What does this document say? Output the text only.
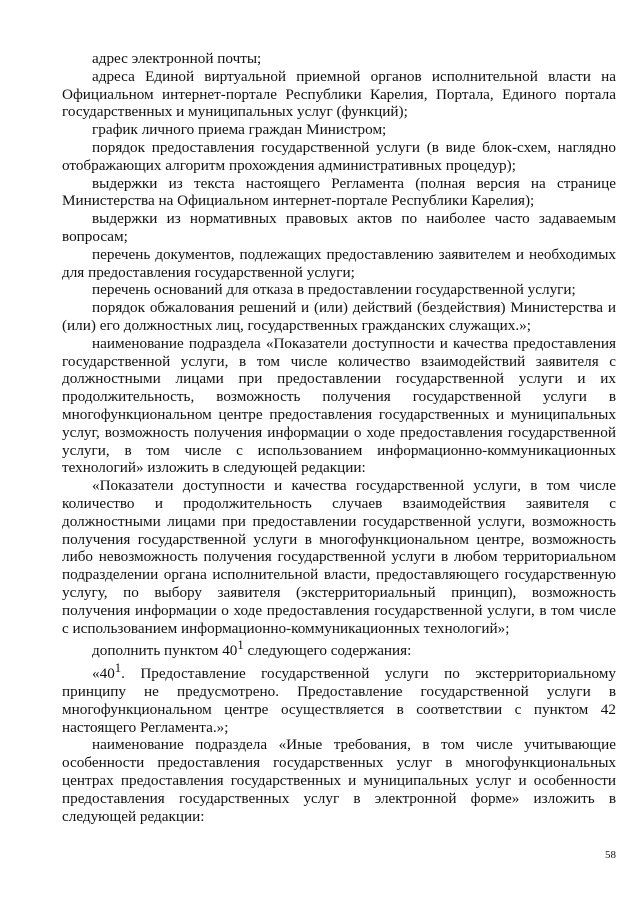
адрес электронной почты;

адреса Единой виртуальной приемной органов исполнительной власти на Официальном интернет-портале Республики Карелия, Портала, Единого портала государственных и муниципальных услуг (функций);

график личного приема граждан Министром;

порядок предоставления государственной услуги (в виде блок-схем, наглядно отображающих алгоритм прохождения административных процедур);

выдержки из текста настоящего Регламента (полная версия на странице Министерства на Официальном интернет-портале Республики Карелия);

выдержки из нормативных правовых актов по наиболее часто задаваемым вопросам;

перечень документов, подлежащих предоставлению заявителем и необходимых для предоставления государственной услуги;

перечень оснований для отказа в предоставлении государственной услуги;

порядок обжалования решений и (или) действий (бездействия) Министерства и (или) его должностных лиц, государственных гражданских служащих.»;

наименование подраздела «Показатели доступности и качества предоставления государственной услуги, в том числе количество взаимодействий заявителя с должностными лицами при предоставлении государственной услуги и их продолжительность, возможность получения государственной услуги в многофункциональном центре предоставления государственных и муниципальных услуг, возможность получения информации о ходе предоставления государственной услуги, в том числе с использованием информационно-коммуникационных технологий» изложить в следующей редакции:

«Показатели доступности и качества государственной услуги, в том числе количество и продолжительность случаев взаимодействия заявителя с должностными лицами при предоставлении государственной услуги, возможность получения государственной услуги в многофункциональном центре, возможность либо невозможность получения государственной услуги в любом территориальном подразделении органа исполнительной власти, предоставляющего государственную услугу, по выбору заявителя (экстерриториальный принцип), возможность получения информации о ходе предоставления государственной услуги, в том числе с использованием информационно-коммуникационных технологий»;

дополнить пунктом $40^1$ следующего содержания:

«$40^1$. Предоставление государственной услуги по экстерриториальному принципу не предусмотрено. Предоставление государственной услуги в многофункциональном центре осуществляется в соответствии с пунктом 42 настоящего Регламента.»;

наименование подраздела «Иные требования, в том числе учитывающие особенности предоставления государственных услуг в многофункциональных центрах предоставления государственных и муниципальных услуг и особенности предоставления государственных услуг в электронной форме» изложить в следующей редакции:

58
